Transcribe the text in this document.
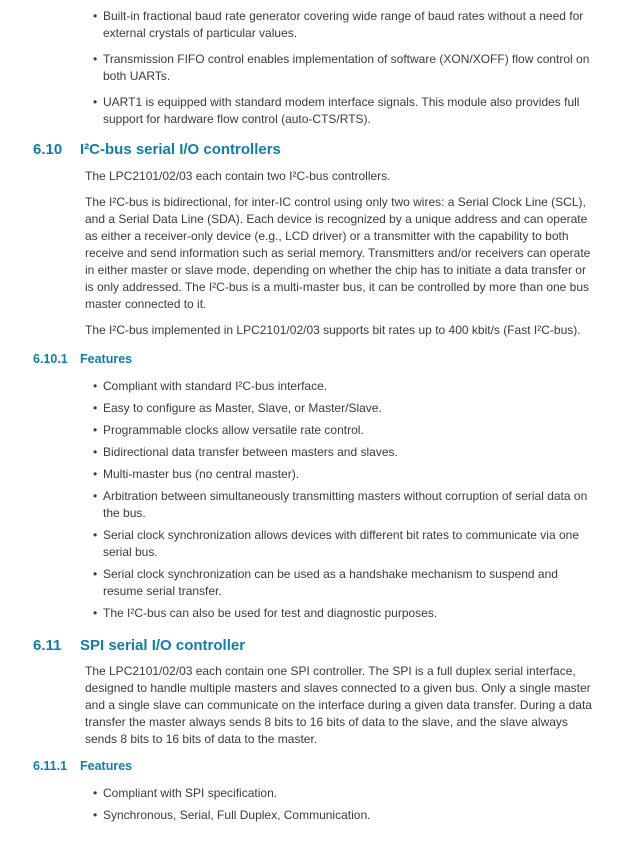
• Built-in fractional baud rate generator covering wide range of baud rates without a need for external crystals of particular values.
• Transmission FIFO control enables implementation of software (XON/XOFF) flow control on both UARTs.
• UART1 is equipped with standard modem interface signals. This module also provides full support for hardware flow control (auto-CTS/RTS).
6.10	I²C-bus serial I/O controllers

The LPC2101/02/03 each contain two I²C-bus controllers.

The I²C-bus is bidirectional, for inter-IC control using only two wires: a Serial Clock Line (SCL), and a Serial Data Line (SDA). Each device is recognized by a unique address and can operate as either a receiver-only device (e.g., LCD driver) or a transmitter with the capability to both receive and send information such as serial memory. Transmitters and/or receivers can operate in either master or slave mode, depending on whether the chip has to initiate a data transfer or is only addressed. The I²C-bus is a multi-master bus, it can be controlled by more than one bus master connected to it.

The I²C-bus implemented in LPC2101/02/03 supports bit rates up to 400 kbit/s (Fast I²C-bus).

6.10.1 Features
• Compliant with standard I²C-bus interface.
• Easy to configure as Master, Slave, or Master/Slave.
• Programmable clocks allow versatile rate control.
• Bidirectional data transfer between masters and slaves.
• Multi-master bus (no central master).
• Arbitration between simultaneously transmitting masters without corruption of serial data on the bus.
• Serial clock synchronization allows devices with different bit rates to communicate via one serial bus.
• Serial clock synchronization can be used as a handshake mechanism to suspend and resume serial transfer.
• The I²C-bus can also be used for test and diagnostic purposes.
6.11	SPI serial I/O controller

The LPC2101/02/03 each contain one SPI controller. The SPI is a full duplex serial interface, designed to handle multiple masters and slaves connected to a given bus. Only a single master and a single slave can communicate on the interface during a given data transfer. During a data transfer the master always sends 8 bits to 16 bits of data to the slave, and the slave always sends 8 bits to 16 bits of data to the master.

6.11.1	Features
• Compliant with SPI specification.
• Synchronous, Serial, Full Duplex, Communication.
